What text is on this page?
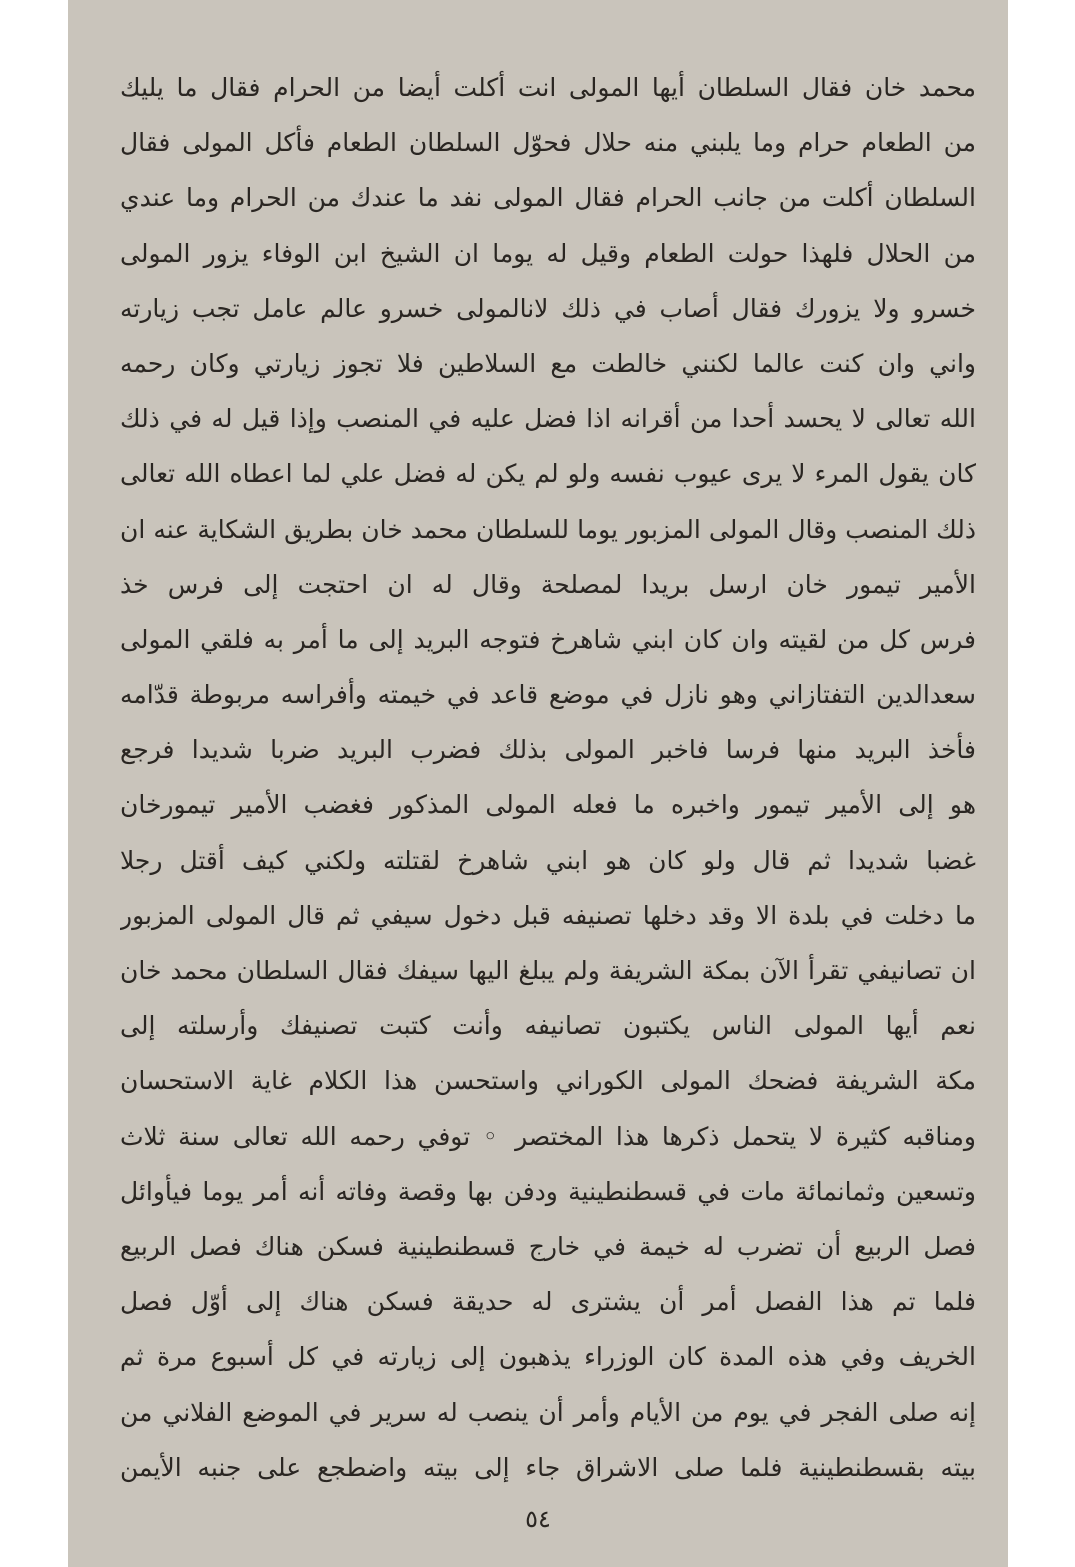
محمد خان فقال السلطان أيها المولى انت أكلت أيضا من الحرام فقال ما يليك
من الطعام حرام وما يلبني منه حلال فحوّل السلطان الطعام فأكل المولى فقال
السلطان أكلت من جانب الحرام فقال المولى نفد ما عندك من الحرام وما عندي
من الحلال فلهذا حولت الطعام وقيل له يوما ان الشيخ ابن الوفاء يزور المولى
خسرو ولا يزورك فقال أصاب في ذلك لانالمولى خسرو عالم عامل تجب زيارته
واني وان كنت عالما لكنني خالطت مع السلاطين فلا تجوز زيارتي وكان رحمه
الله تعالى لا يحسد أحدا من أقرانه اذا فضل عليه في المنصب وإذا قيل له في ذلك
كان يقول المرء لا يرى عيوب نفسه ولو لم يكن له فضل علي لما اعطاه الله تعالى
ذلك المنصب وقال المولى المزبور يوما للسلطان محمد خان بطريق الشكاية عنه ان
الأمير تيمور خان ارسل بريدا لمصلحة وقال له ان احتجت إلى فرس خذ
فرس كل من لقيته وان كان ابني شاهرخ فتوجه البريد إلى ما أمر به فلقي المولى
سعدالدين التفتازاني وهو نازل في موضع قاعد في خيمته وأفراسه مربوطة قدّامه
فأخذ البريد منها فرسا فاخبر المولى بذلك فضرب البريد ضربا شديدا فرجع
هو إلى الأمير تيمور واخبره ما فعله المولى المذكور فغضب الأمير تيمورخان
غضبا شديدا ثم قال ولو كان هو ابني شاهرخ لقتلته ولكني كيف أقتل رجلا
ما دخلت في بلدة الا وقد دخلها تصنيفه قبل دخول سيفي ثم قال المولى المزبور
ان تصانيفي تقرأ الآن بمكة الشريفة ولم يبلغ اليها سيفك فقال السلطان محمد خان
نعم أيها المولى الناس يكتبون تصانيفه وأنت كتبت تصنيفك وأرسلته إلى
مكة الشريفة فضحك المولى الكوراني واستحسن هذا الكلام غاية الاستحسان
ومناقبه كثيرة لا يتحمل ذكرها هذا المختصر ◦ توفي رحمه الله تعالى سنة ثلاث
وتسعين وثمانمائة مات في قسطنطينية ودفن بها وقصة وفاته أنه أمر يوما فيأوائل
فصل الربيع أن تضرب له خيمة في خارج قسطنطينية فسكن هناك فصل الربيع
فلما تم هذا الفصل أمر أن يشترى له حديقة فسكن هناك إلى أوّل فصل
الخريف وفي هذه المدة كان الوزراء يذهبون إلى زيارته في كل أسبوع مرة ثم
إنه صلى الفجر في يوم من الأيام وأمر أن ينصب له سرير في الموضع الفلاني من
بيته بقسطنطينية فلما صلى الاشراق جاء إلى بيته واضطجع على جنبه الأيمن
٥٤
